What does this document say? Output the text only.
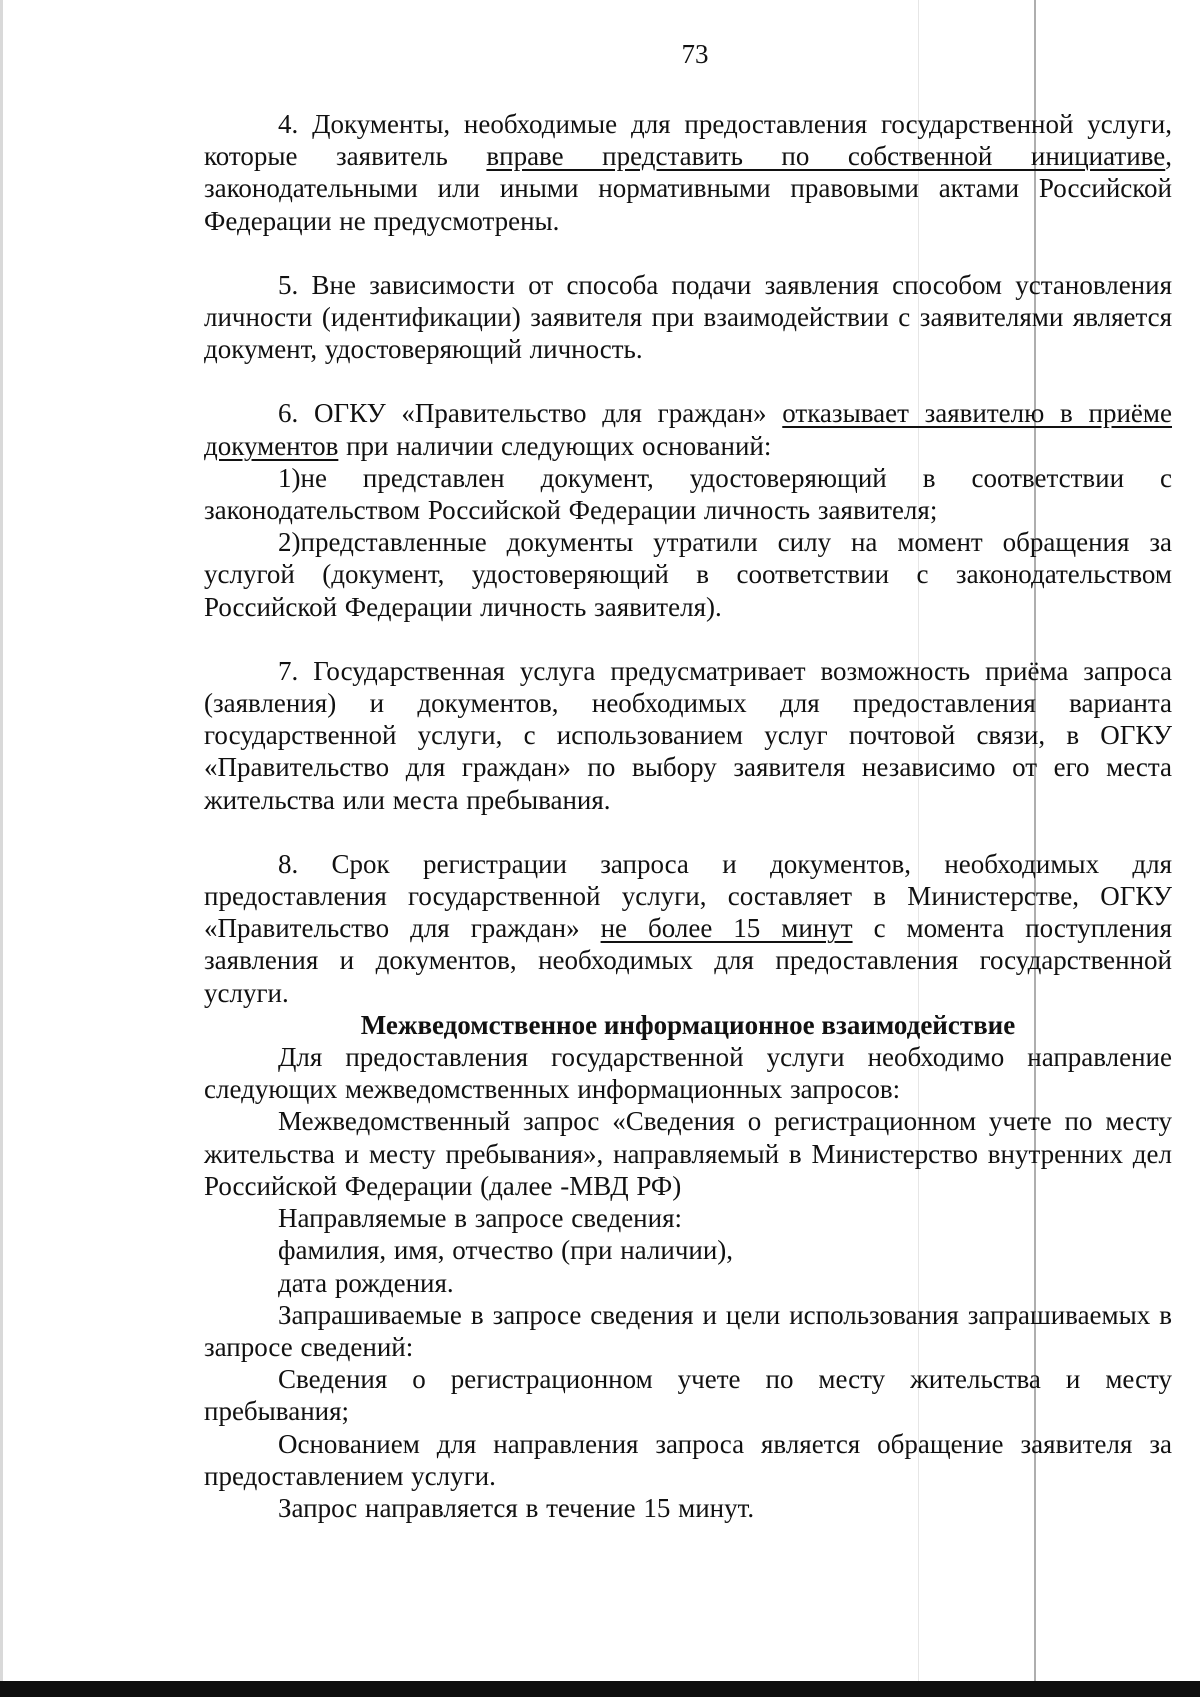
73

4. Документы, необходимые для предоставления государственной услуги, которые заявитель вправе представить по собственной инициативе, законодательными или иными нормативными правовыми актами Российской Федерации не предусмотрены.

5. Вне зависимости от способа подачи заявления способом установления личности (идентификации) заявителя при взаимодействии с заявителями является документ, удостоверяющий личность.

6. ОГКУ «Правительство для граждан» отказывает заявителю в приёме документов при наличии следующих оснований:

1)не представлен документ, удостоверяющий в соответствии с законодательством Российской Федерации личность заявителя;

2)представленные документы утратили силу на момент обращения за услугой (документ, удостоверяющий в соответствии с законодательством Российской Федерации личность заявителя).

7. Государственная услуга предусматривает возможность приёма запроса (заявления) и документов, необходимых для предоставления варианта государственной услуги, с использованием услуг почтовой связи, в ОГКУ «Правительство для граждан» по выбору заявителя независимо от его места жительства или места пребывания.

8. Срок регистрации запроса и документов, необходимых для предоставления государственной услуги, составляет в Министерстве, ОГКУ «Правительство для граждан» не более 15 минут с момента поступления заявления и документов, необходимых для предоставления государственной услуги.

Межведомственное информационное взаимодействие

Для предоставления государственной услуги необходимо направление следующих межведомственных информационных запросов:

Межведомственный запрос «Сведения о регистрационном учете по месту жительства и месту пребывания», направляемый в Министерство внутренних дел Российской Федерации (далее -МВД РФ)

Направляемые в запросе сведения:

фамилия, имя, отчество (при наличии),

дата рождения.

Запрашиваемые в запросе сведения и цели использования запрашиваемых в запросе сведений:

Сведения о регистрационном учете по месту жительства и месту пребывания;

Основанием для направления запроса является обращение заявителя за предоставлением услуги.

Запрос направляется в течение 15 минут.
